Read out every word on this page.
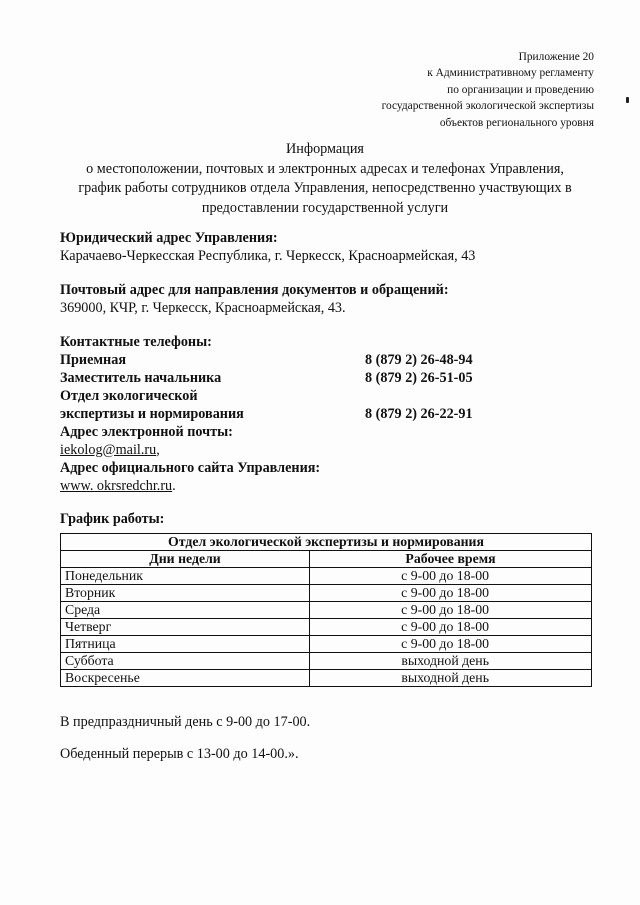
Приложение 20
к Административному регламенту
по организации и проведению
государственной экологической экспертизы
объектов регионального уровня
Информация
о местоположении, почтовых и электронных адресах и телефонах Управления,
график работы сотрудников отдела Управления, непосредственно участвующих в
предоставлении государственной услуги
Юридический адрес Управления:
Карачаево-Черкесская Республика, г. Черкесск, Красноармейская, 43
Почтовый адрес для направления документов и обращений:
369000, КЧР, г. Черкесск, Красноармейская, 43.
Контактные телефоны:
Приемная	8 (879 2) 26-48-94
Заместитель начальника	8 (879 2) 26-51-05
Отдел экологической
экспертизы и нормирования	8 (879 2) 26-22-91
Адрес электронной почты:
iekolog@mail.ru,
Адрес официального сайта Управления:
www. okrsredchr.ru.
График работы:
Отдел экологической экспертизы и нормирования	
Дни недели	Рабочее время
Понедельник	с 9-00 до 18-00
Вторник	с 9-00 до 18-00
Среда	с 9-00 до 18-00
Четверг	с 9-00 до 18-00
Пятница	с 9-00 до 18-00
Суббота	выходной день
Воскресенье	выходной день
В предпраздничный день с 9-00 до 17-00.
Обеденный перерыв с 13-00 до 14-00.».
